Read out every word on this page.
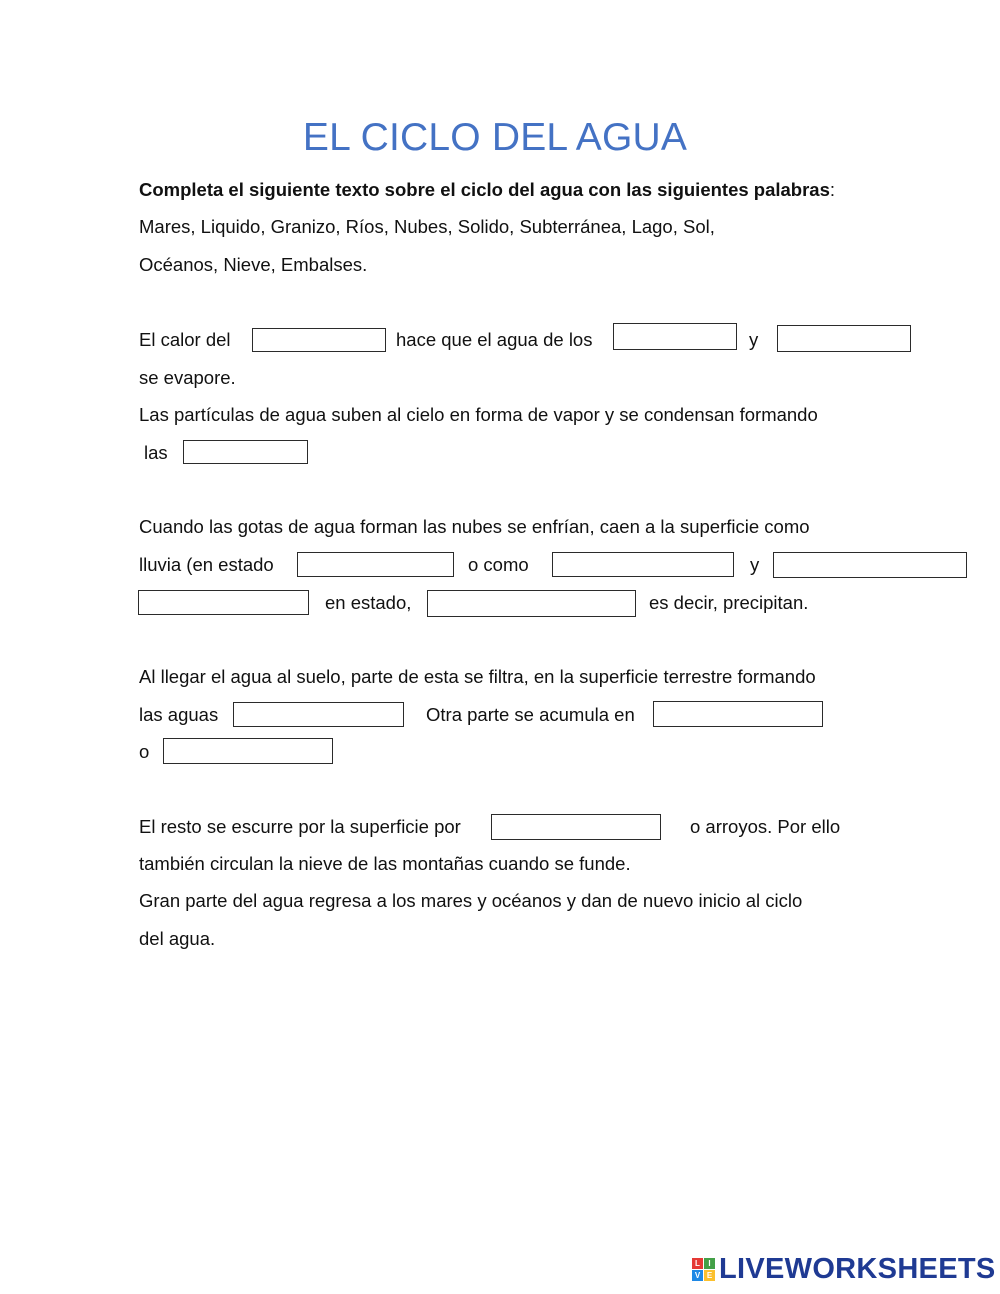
EL CICLO DEL AGUA
Completa el siguiente texto sobre el ciclo del agua con las siguientes palabras:
Mares, Liquido, Granizo, Ríos, Nubes, Solido, Subterránea, Lago, Sol,
Océanos, Nieve, Embalses.
El calor del	hace que el agua de los	y
se evapore.
Las partículas de agua suben al cielo en forma de vapor y se condensan formando
las
Cuando las gotas de agua forman las nubes se enfrían, caen a la superficie como
lluvia (en estado	o como	y
en estado,	es decir, precipitan.
Al llegar el agua al suelo, parte de esta se filtra, en la superficie terrestre formando
las aguas	Otra parte se acumula en
o
El resto se escurre por la superficie por	o arroyos. Por ello
también circulan la nieve de las montañas cuando se funde.
Gran parte del agua regresa a los mares y océanos y dan de nuevo inicio al ciclo
del agua.
L	I
V E LIVEWORKSHEETS
